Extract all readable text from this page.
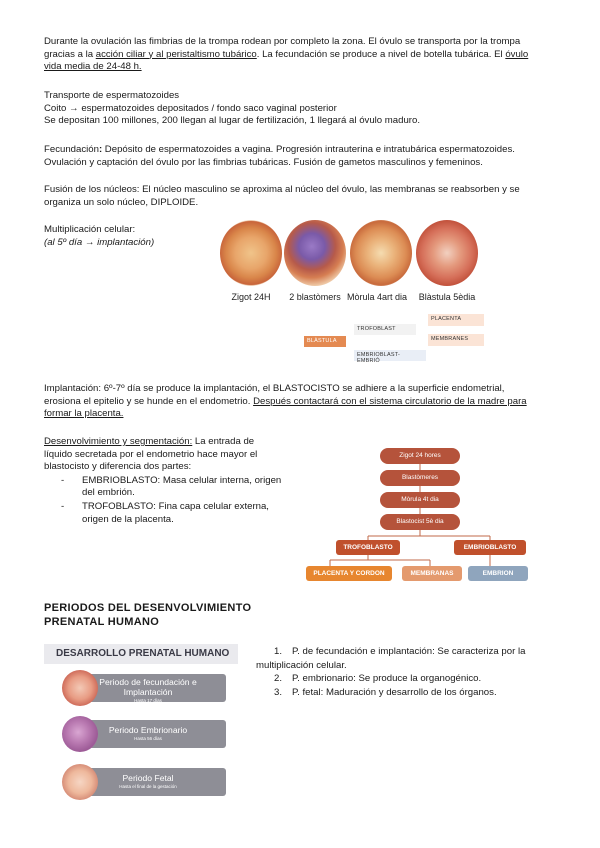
Durante la ovulación las fimbrias de la trompa rodean por completo la zona. El óvulo se transporta por la trompa
gracias a la acción ciliar y al peristaltismo tubárico. La fecundación se produce a nivel de botella tubárica. El óvulo
vida media de 24-48 h.
Transporte de espermatozoides
Coito → espermatozoides depositados / fondo saco vaginal posterior
Se depositan 100 millones, 200 llegan al lugar de fertilización, 1 llegará al óvulo maduro.
Fecundación: Depósito de espermatozoides a vagina. Progresión intrauterina e intratubárica espermatozoides.
Ovulación y captación del óvulo por las fimbrias tubáricas. Fusión de gametos masculinos y femeninos.
Fusión de los núcleos: El núcleo masculino se aproxima al núcleo del óvulo, las membranas se reabsorben y se
organiza un solo núcleo, DIPLOIDE.
Multiplicación celular:
(al 5º día → implantación)
Zigot 24H	2 blastòmers Mòrula 4art dia	Blàstula 5èdia
PLACENTA
TROFOBLAST
MEMBRANES
BLÀSTULA
EMBRIOBLAST- EMBRIÓ
Implantación: 6º-7º día se produce la implantación, el BLASTOCISTO se adhiere a la superficie endometrial,
erosiona el epitelio y se hunde en el endometrio. Después contactará con el sistema circulatorio de la madre para
formar la placenta.
Desenvolvimiento y segmentación: La entrada de
líquido secretada por el endometrio hace mayor el
blastocisto y diferencia dos partes:
-	EMBRIOBLASTO: Masa celular interna, origen
del embrión.
-	TROFOBLASTO: Fina capa celular externa,
origen de la placenta.
Zigot 24 hores
Blastòmeres
Mòrula 4t dia
Blastocist 5è dia
TROFOBLASTO	EMBRIOBLASTO
PLACENTA Y CORDON	MEMBRANAS	EMBRION
PERIODOS DEL DESENVOLVIMIENTO
PRENATAL HUMANO
DESARROLLO PRENATAL HUMANO
Periodo de fecundación e
Implantación
Hasta 17 días
Periodo Embrionario
Hasta 56 días
Periodo Fetal
Hasta el final de la gestación
1. P. de fecundación e implantación: Se caracteriza por la
multiplicación celular.
2. P. embrionario: Se produce la organogénico.
3. P. fetal: Maduración y desarrollo de los órganos.
